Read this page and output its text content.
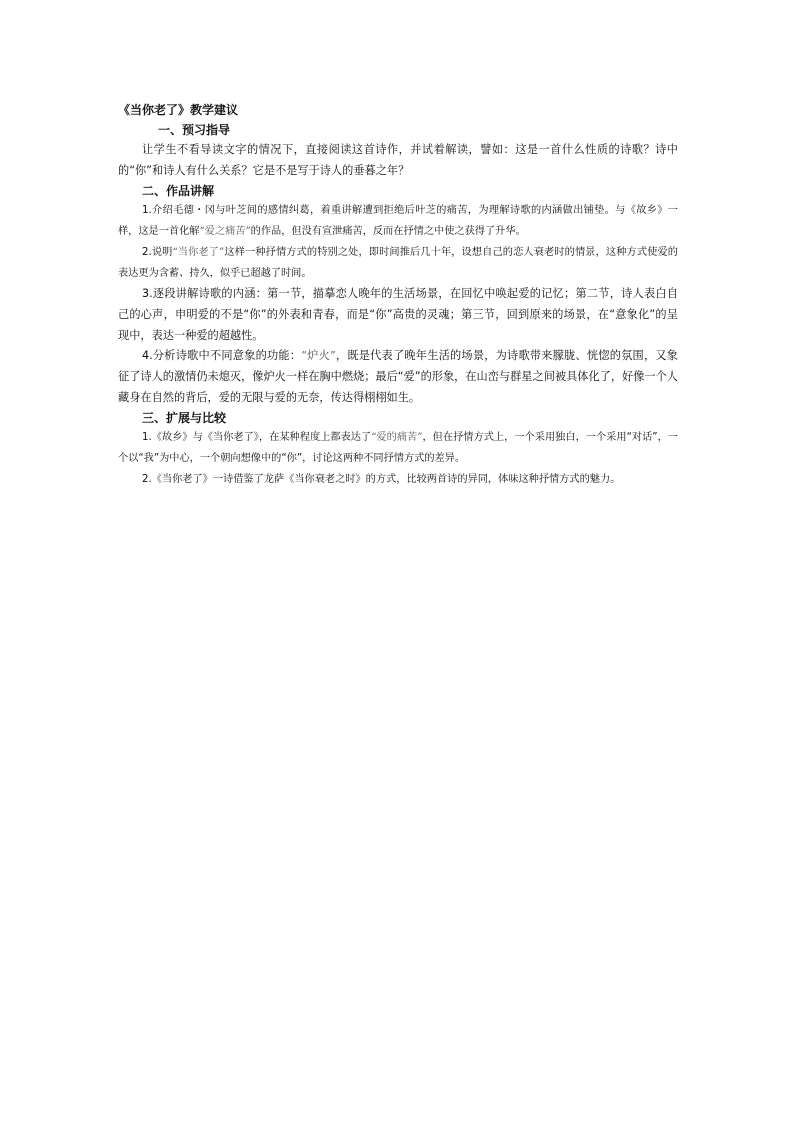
《当你老了》教学建议
一、预习指导

让学生不看导读文字的情况下，直接阅读这首诗作，并试着解读，譬如：这是一首什么性质的诗歌？诗中的“你”和诗人有什么关系？它是不是写于诗人的垂暮之年？

二、作品讲解

1.介绍毛德・冈与叶芝间的感情纠葛，着重讲解遭到拒绝后叶芝的痛苦，为理解诗歌的内涵做出铺垫。与《故乡》一样，这是一首化解“爱之痛苦”的作品，但没有宣泄痛苦，反而在抒情之中使之获得了升华。

2.说明“当你老了”这样一种抒情方式的特别之处，即时间推后几十年，设想自己的恋人衰老时的情景，这种方式使爱的表达更为含蓄、持久，似乎已超越了时间。

3.逐段讲解诗歌的内涵：第一节，描摹恋人晚年的生活场景，在回忆中唤起爱的记忆；第二节，诗人表白自己的心声，申明爱的不是“你”的外表和青春，而是“你”高贵的灵魂；第三节，回到原来的场景，在“意象化”的呈现中，表达一种爱的超越性。

4.分析诗歌中不同意象的功能：“炉火”，既是代表了晚年生活的场景，为诗歌带来朦胧、恍惚的氛围，又象征了诗人的激情仍未熄灭，像炉火一样在胸中燃烧；最后“爱”的形象，在山峦与群星之间被具体化了，好像一个人藏身在自然的背后，爱的无限与爱的无奈，传达得栩栩如生。

三、扩展与比较

1.《故乡》与《当你老了》，在某种程度上都表达了“爱的痛苦”，但在抒情方式上，一个采用独白，一个采用“对话”，一个以“我”为中心，一个朝向想像中的“你”，讨论这两种不同抒情方式的差异。

2.《当你老了》一诗借鉴了龙萨《当你衰老之时》的方式，比较两首诗的异同，体味这种抒情方式的魅力。
